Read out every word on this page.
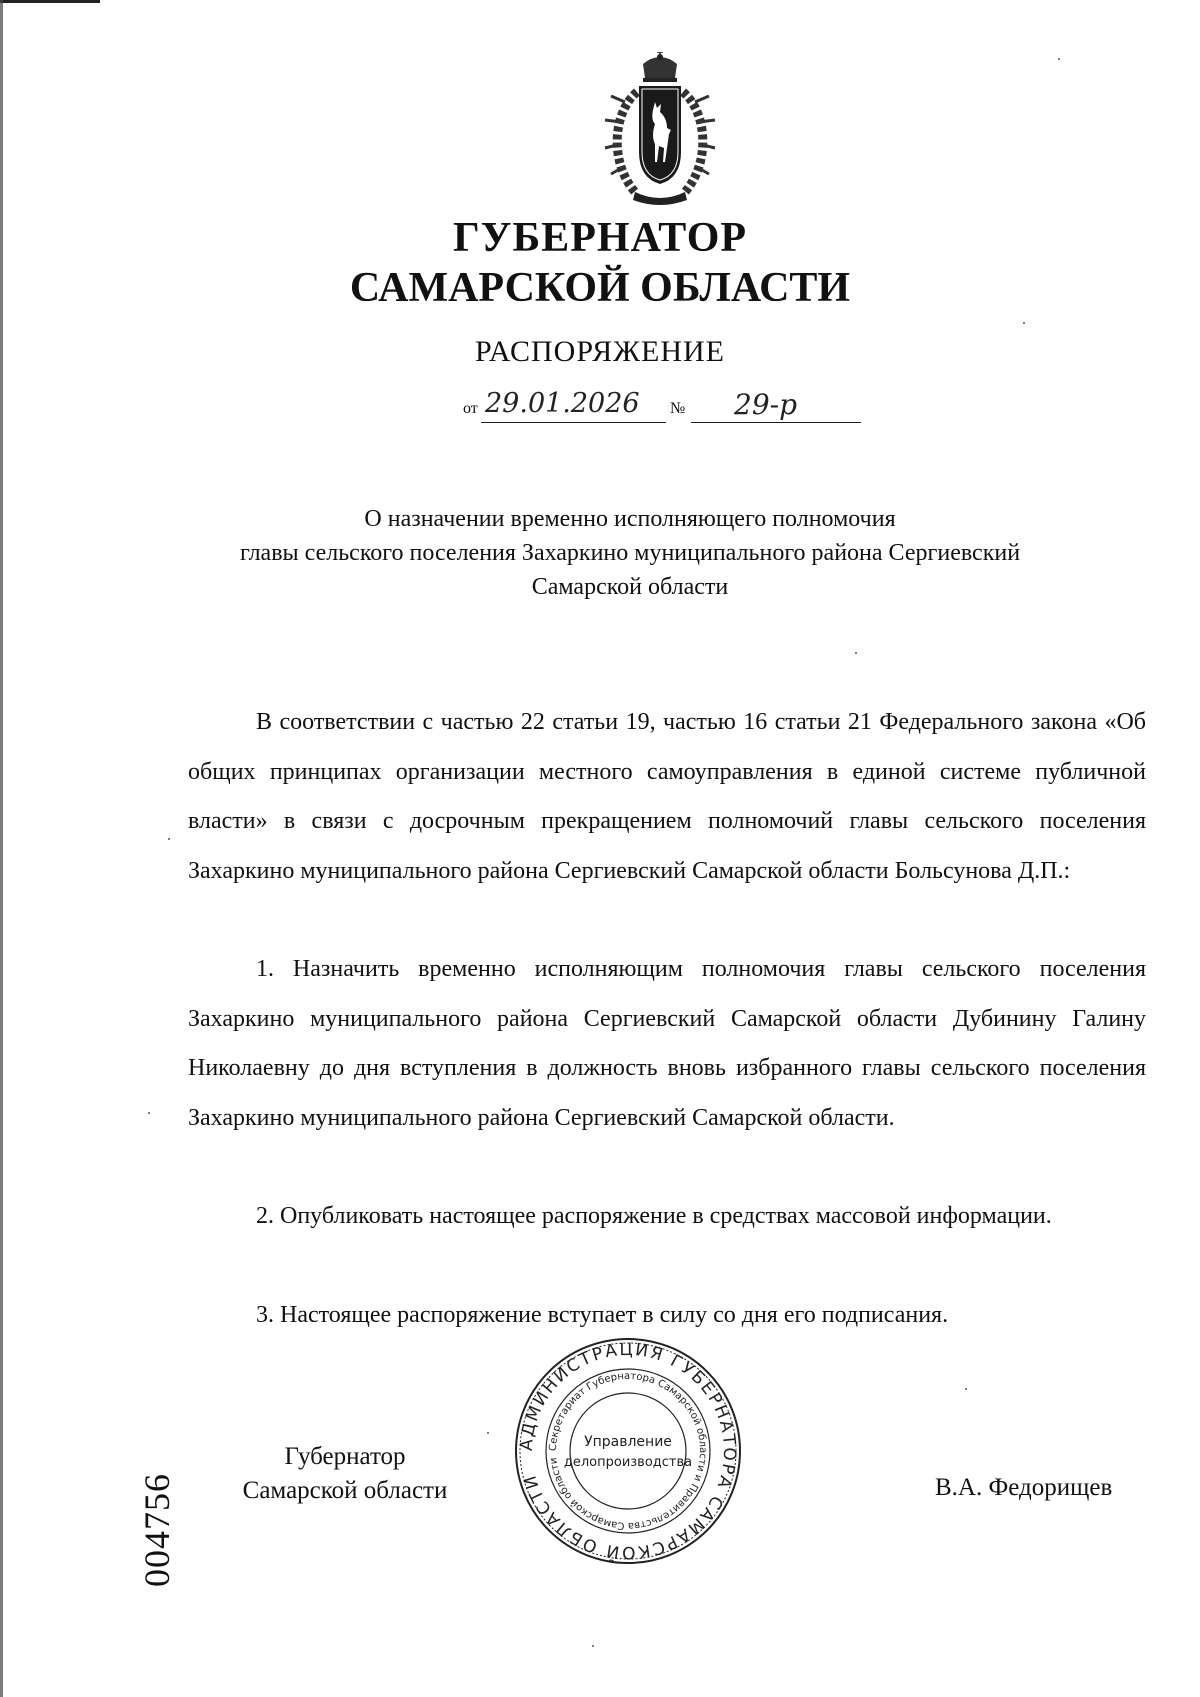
ГУБЕРНАТОР
САМАРСКОЙ ОБЛАСТИ
РАСПОРЯЖЕНИЕ
от 29.01.2026 № 29-р
О назначении временно исполняющего полномочия
главы сельского поселения Захаркино муниципального района Сергиевский
Самарской области
В соответствии с частью 22 статьи 19, частью 16 статьи 21 Федерального закона «Об общих принципах организации местного самоуправления в единой системе публичной власти» в связи с досрочным прекращением полномочий главы сельского поселения Захаркино муниципального района Сергиевский Самарской области Больсунова Д.П.:
1. Назначить временно исполняющим полномочия главы сельского поселения Захаркино муниципального района Сергиевский Самарской области Дубинину Галину Николаевну до дня вступления в должность вновь избранного главы сельского поселения Захаркино муниципального района Сергиевский Самарской области.
2. Опубликовать настоящее распоряжение в средствах массовой информации.
3. Настоящее распоряжение вступает в силу со дня его подписания.
Губернатор
Самарской области	В.А. Федорищев
АДМИНИСТРАЦИЯ ГУБЕРНАТОРА САМАРСКОЙ ОБЛАСТИ
Секретариат Губернатора Самарской области и Правительства Самарской области
Управление
делопроизводства
004756
